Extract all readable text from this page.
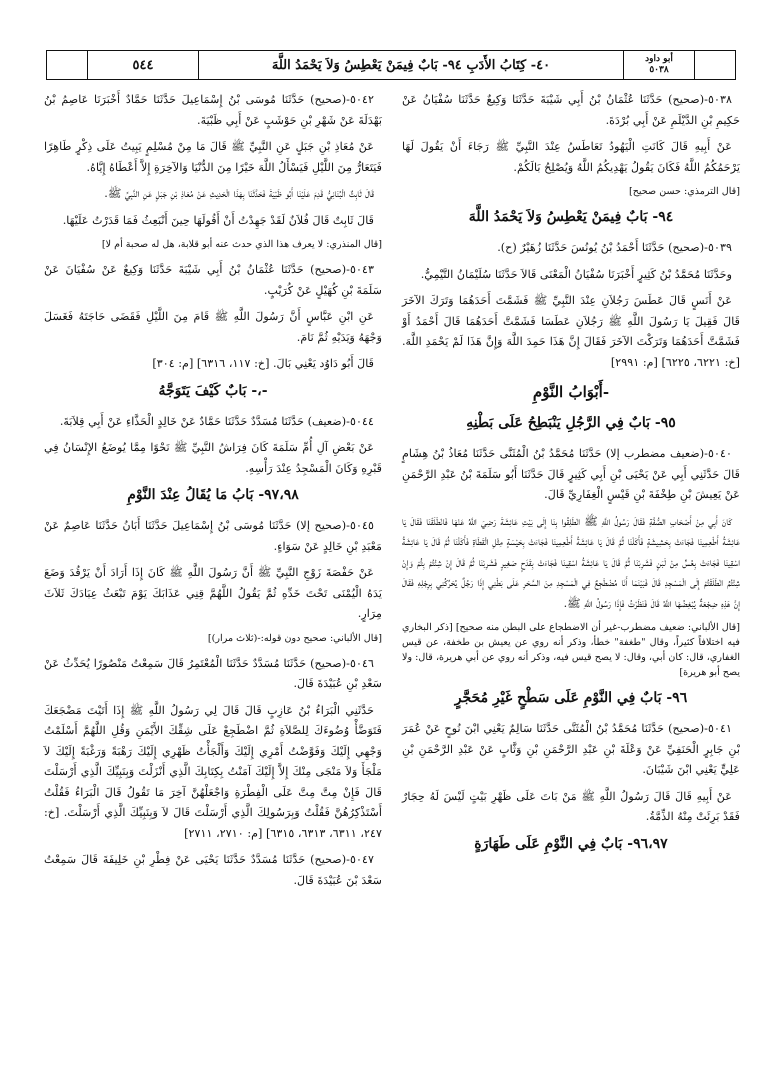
أبو داود
٥٠٣٨
٤٠- كِتَابُ الأَدَبِ ٩٤- بَابٌ فِيمَنْ يَعْطِسُ وَلاَ يَحْمَدُ اللَّهَ
٥٤٤

٥٠٣٨-(صحيح) حَدَّثَنَا عُثْمَانُ بْنُ أَبِي شَيْبَةَ حَدَّثَنَا وَكِيعٌ حَدَّثَنَا سُفْيَانُ عَنْ حَكِيمِ بْنِ الدَّيْلَمِ عَنْ أَبِي بُرْدَةَ.

عَنْ أَبِيهِ قَالَ كَانَتِ الْيَهُودُ تَعَاطَسُ عِنْدَ النَّبِيِّ ﷺ رَجَاءَ أَنْ يَقُولَ لَهَا يَرْحَمُكُمُ اللَّهُ فَكَانَ يَقُولُ يَهْدِيكُمُ اللَّهُ وَيُصْلِحُ بَالَكُمْ.

[قال الترمذي: حسن صحيح]

٩٤- بَابٌ فِيمَنْ يَعْطِسُ وَلاَ يَحْمَدُ اللَّهَ

٥٠٣٩-(صحيح) حَدَّثَنَا أَحْمَدُ بْنُ يُونُسَ حَدَّثَنَا زُهَيْرٌ (ح).

وحَدَّثَنَا مُحَمَّدُ بْنُ كَثِيرٍ أَخْبَرَنَا سُفْيَانُ الْمَعْنَى قَالاَ حَدَّثَنَا سُلَيْمَانُ التَّيْمِيُّ.

عَنْ أَنَسٍ قَالَ عَطَسَ رَجُلاَنِ عِنْدَ النَّبِيِّ ﷺ فَشَمَّتَ أَحَدَهُمَا وَتَرَكَ الآخَرَ قَالَ فَقِيلَ يَا رَسُولَ اللَّهِ ﷺ رَجُلاَنِ عَطَسَا فَشَمَّتَّ أَحَدَهُمَا قَالَ أَحْمَدُ أَوْ فَشَمَّتَّ أَحَدَهُمَا وَتَرَكْتَ الآخَرَ فَقَالَ إِنَّ هَذَا حَمِدَ اللَّهَ وَإِنَّ هَذَا لَمْ يَحْمَدِ اللَّهَ. [خ: ٦٢٢١، ٦٢٢٥] [م: ٢٩٩١]

-أَبْوَابُ النَّوْمِ
٩٥- بَابٌ فِي الرَّجُلِ يَنْبَطِحُ عَلَى بَطْنِهِ

٥٠٤٠-(ضعيف مضطرب إلا) حَدَّثَنَا مُحَمَّدُ بْنُ الْمُثَنَّى حَدَّثَنَا مُعَاذُ بْنُ هِشَامٍ قَالَ حَدَّثَنِي أَبِي عَنْ يَحْيَى بْنِ أَبِي كَثِيرٍ قَالَ حَدَّثَنَا أَبُو سَلَمَةَ بْنُ عَبْدِ الرَّحْمَنِ عَنْ يَعِيشَ بْنِ طِخْفَةَ بْنِ قَيْسٍ الْغِفَارِيِّ قَالَ.

كَانَ أَبِي مِنْ أَصْحَابِ الصُّفَّةِ فَقَالَ رَسُولُ اللَّهِ ﷺ انْطَلِقُوا بِنَا إِلَى بَيْتِ عَائِشَةَ رَضِيَ اللَّهُ عَنْهَا فَانْطَلَقْنَا فَقَالَ يَا عَائِشَةُ أَطْعِمِينَا فَجَاءَتْ بِحَشِيشَةٍ فَأَكَلْنَا ثُمَّ قَالَ يَا عَائِشَةُ أَطْعِمِينَا فَجَاءَتْ بِحَيْسَةٍ مِثْلِ الْقَطَاةِ فَأَكَلْنَا ثُمَّ قَالَ يَا عَائِشَةُ اسْقِينَا فَجَاءَتْ بِعُسٍّ مِنْ لَبَنٍ فَشَرِبْنَا ثُمَّ قَالَ يَا عَائِشَةُ اسْقِينَا فَجَاءَتْ بِقَدَحٍ صَغِيرٍ فَشَرِبْنَا ثُمَّ قَالَ إِنْ شِئْتُمْ بِتُّمْ وَإِنْ شِئْتُمُ انْطَلَقْتُمْ إِلَى الْمَسْجِدِ قَالَ فَبَيْنَمَا أَنَا مُضْطَجِعٌ فِي الْمَسْجِدِ مِنَ السَّحَرِ عَلَى بَطْنِي إِذَا رَجُلٌ يُحَرِّكُنِي بِرِجْلِهِ فَقَالَ إِنَّ هَذِهِ ضِجْعَةٌ يُبْغِضُهَا اللَّهُ قَالَ فَنَظَرْتُ فَإِذَا رَسُولُ اللَّهِ ﷺ.

[قال الألباني: ضعيف مضطرب-غير أن الاضطجاع على البطن منه صحيح] [ذكر البخاري فيه اختلافاً كثيراً، وقال "طغفة" خطأ، وذكر أنه روي عن يعيش بن طخفة، عن قيس الغفاري، قال: كان أبي، وقال: لا يصح قيس فيه، وذكر أنه روي عن أبي هريرة، قال: ولا يصح أبو هريرة]

٩٦- بَابٌ فِي النَّوْمِ عَلَى سَطْحٍ غَيْرِ مُحَجَّرٍ

٥٠٤١-(صحيح) حَدَّثَنَا مُحَمَّدُ بْنُ الْمُثَنَّى حَدَّثَنَا سَالِمٌ يَعْنِي ابْنَ نُوحٍ عَنْ عُمَرَ بْنِ جَابِرٍ الْحَنَفِيِّ عَنْ وَعْلَةَ بْنِ عَبْدِ الرَّحْمَنِ بْنِ وَثَّابٍ عَنْ عَبْدِ الرَّحْمَنِ بْنِ عَلِيٍّ يَعْنِي ابْنَ شَيْبَانَ.

عَنْ أَبِيهِ قَالَ قَالَ رَسُولُ اللَّهِ ﷺ مَنْ بَاتَ عَلَى ظَهْرِ بَيْتٍ لَيْسَ لَهُ حِجَارٌ فَقَدْ بَرِئَتْ مِنْهُ الذِّمَّةُ.

٩٦،٩٧- بَابٌ فِي النَّوْمِ عَلَى طَهَارَةٍ

٥٠٤٢-(صحيح) حَدَّثَنَا مُوسَى بْنُ إِسْمَاعِيلَ حَدَّثَنَا حَمَّادٌ أَخْبَرَنَا عَاصِمُ بْنُ بَهْدَلَةَ عَنْ شَهْرِ بْنِ حَوْشَبٍ عَنْ أَبِي ظَبْيَةَ.

عَنْ مُعَاذِ بْنِ جَبَلٍ عَنِ النَّبِيِّ ﷺ قَالَ مَا مِنْ مُسْلِمٍ يَبِيتُ عَلَى ذِكْرٍ طَاهِرًا فَيَتَعَارُّ مِنَ اللَّيْلِ فَيَسْأَلُ اللَّهَ خَيْرًا مِنَ الدُّنْيَا وَالآخِرَةِ إِلاَّ أَعْطَاهُ إِيَّاهُ.

قَالَ ثَابِتٌ الْبُنَانِيُّ قَدِمَ عَلَيْنَا أَبُو ظَبْيَةَ فَحَدَّثَنَا بِهَذَا الْحَدِيثِ عَنْ مُعَاذِ بْنِ جَبَلٍ عَنِ النَّبِيِّ ﷺ.

قَالَ ثَابِتٌ قَالَ فُلاَنٌ لَقَدْ جَهِدْتُ أَنْ أَقُولَهَا حِينَ أَنْبَعِثُ فَمَا قَدَرْتُ عَلَيْهَا.

[قال المنذري: لا يعرف هذا الذي حدث عنه أبو قلابة، هل له صحبة أم لا]

٥٠٤٣-(صحيح) حَدَّثَنَا عُثْمَانُ بْنُ أَبِي شَيْبَةَ حَدَّثَنَا وَكِيعٌ عَنْ سُفْيَانَ عَنْ سَلَمَةَ بْنِ كُهَيْلٍ عَنْ كُرَيْبٍ.

عَنِ ابْنِ عَبَّاسٍ أَنَّ رَسُولَ اللَّهِ ﷺ قَامَ مِنَ اللَّيْلِ فَقَضَى حَاجَتَهُ فَغَسَلَ وَجْهَهُ وَيَدَيْهِ ثُمَّ نَامَ.

قَالَ أَبُو دَاوُد يَعْنِي بَالَ. [خ: ١١٧، ٦٣١٦] [م: ٣٠٤]

-،- بَابٌ كَيْفَ يَتَوَجَّهُ

٥٠٤٤-(ضعيف) حَدَّثَنَا مُسَدَّدٌ حَدَّثَنَا حَمَّادٌ عَنْ خَالِدٍ الْحَذَّاءِ عَنْ أَبِي قِلاَبَةَ.

عَنْ بَعْضِ آلِ أُمِّ سَلَمَةَ كَانَ فِرَاشُ النَّبِيِّ ﷺ نَحْوًا مِمَّا يُوضَعُ الإِنْسَانُ فِي قَبْرِهِ وَكَانَ الْمَسْجِدُ عِنْدَ رَأْسِهِ.

٩٧،٩٨- بَابُ مَا يُقَالُ عِنْدَ النَّوْمِ

٥٠٤٥-(صحيح إلا) حَدَّثَنَا مُوسَى بْنُ إِسْمَاعِيلَ حَدَّثَنَا أَبَانُ حَدَّثَنَا عَاصِمٌ عَنْ مَعْبَدِ بْنِ خَالِدٍ عَنْ سَوَاءٍ.

عَنْ حَفْصَةَ زَوْجِ النَّبِيِّ ﷺ أَنَّ رَسُولَ اللَّهِ ﷺ كَانَ إِذَا أَرَادَ أَنْ يَرْقُدَ وَضَعَ يَدَهُ الْيُمْنَى تَحْتَ خَدِّهِ ثُمَّ يَقُولُ اللَّهُمَّ قِنِي عَذَابَكَ يَوْمَ تَبْعَثُ عِبَادَكَ ثَلاَثَ مِرَارٍ.

[قال الألباني: صحيح دون قوله:-(ثلاث مرار)]

٥٠٤٦-(صحيح) حَدَّثَنَا مُسَدَّدٌ حَدَّثَنَا الْمُعْتَمِرُ قَالَ سَمِعْتُ مَنْصُورًا يُحَدِّثُ عَنْ سَعْدِ بْنِ عُبَيْدَةَ قَالَ.

حَدَّثَنِي الْبَرَاءُ بْنُ عَازِبٍ قَالَ قَالَ لِي رَسُولُ اللَّهِ ﷺ إِذَا أَتَيْتَ مَضْجَعَكَ فَتَوَضَّأْ وُضُوءَكَ لِلصَّلاَةِ ثُمَّ اضْطَجِعْ عَلَى شِقِّكَ الأَيْمَنِ وَقُلِ اللَّهُمَّ أَسْلَمْتُ وَجْهِي إِلَيْكَ وَفَوَّضْتُ أَمْرِي إِلَيْكَ وَأَلْجَأْتُ ظَهْرِي إِلَيْكَ رَهْبَةً وَرَغْبَةً إِلَيْكَ لاَ مَلْجَأَ وَلاَ مَنْجَى مِنْكَ إِلاَّ إِلَيْكَ آمَنْتُ بِكِتَابِكَ الَّذِي أَنْزَلْتَ وَبِنَبِيِّكَ الَّذِي أَرْسَلْتَ قَالَ فَإِنْ مِتَّ مِتَّ عَلَى الْفِطْرَةِ وَاجْعَلْهُنَّ آخِرَ مَا تَقُولُ قَالَ الْبَرَاءُ فَقُلْتُ أَسْتَذْكِرُهُنَّ فَقُلْتُ وَبِرَسُولِكَ الَّذِي أَرْسَلْتَ قَالَ لاَ وَبِنَبِيِّكَ الَّذِي أَرْسَلْتَ. [خ: ٢٤٧، ٦٣١١، ٦٣١٣، ٦٣١٥] [م: ٢٧١٠، ٢٧١١]

٥٠٤٧-(صحيح) حَدَّثَنَا مُسَدَّدٌ حَدَّثَنَا يَحْيَى عَنْ فِطْرِ بْنِ خَلِيفَةَ قَالَ سَمِعْتُ سَعْدَ بْنَ عُبَيْدَةَ قَالَ.
